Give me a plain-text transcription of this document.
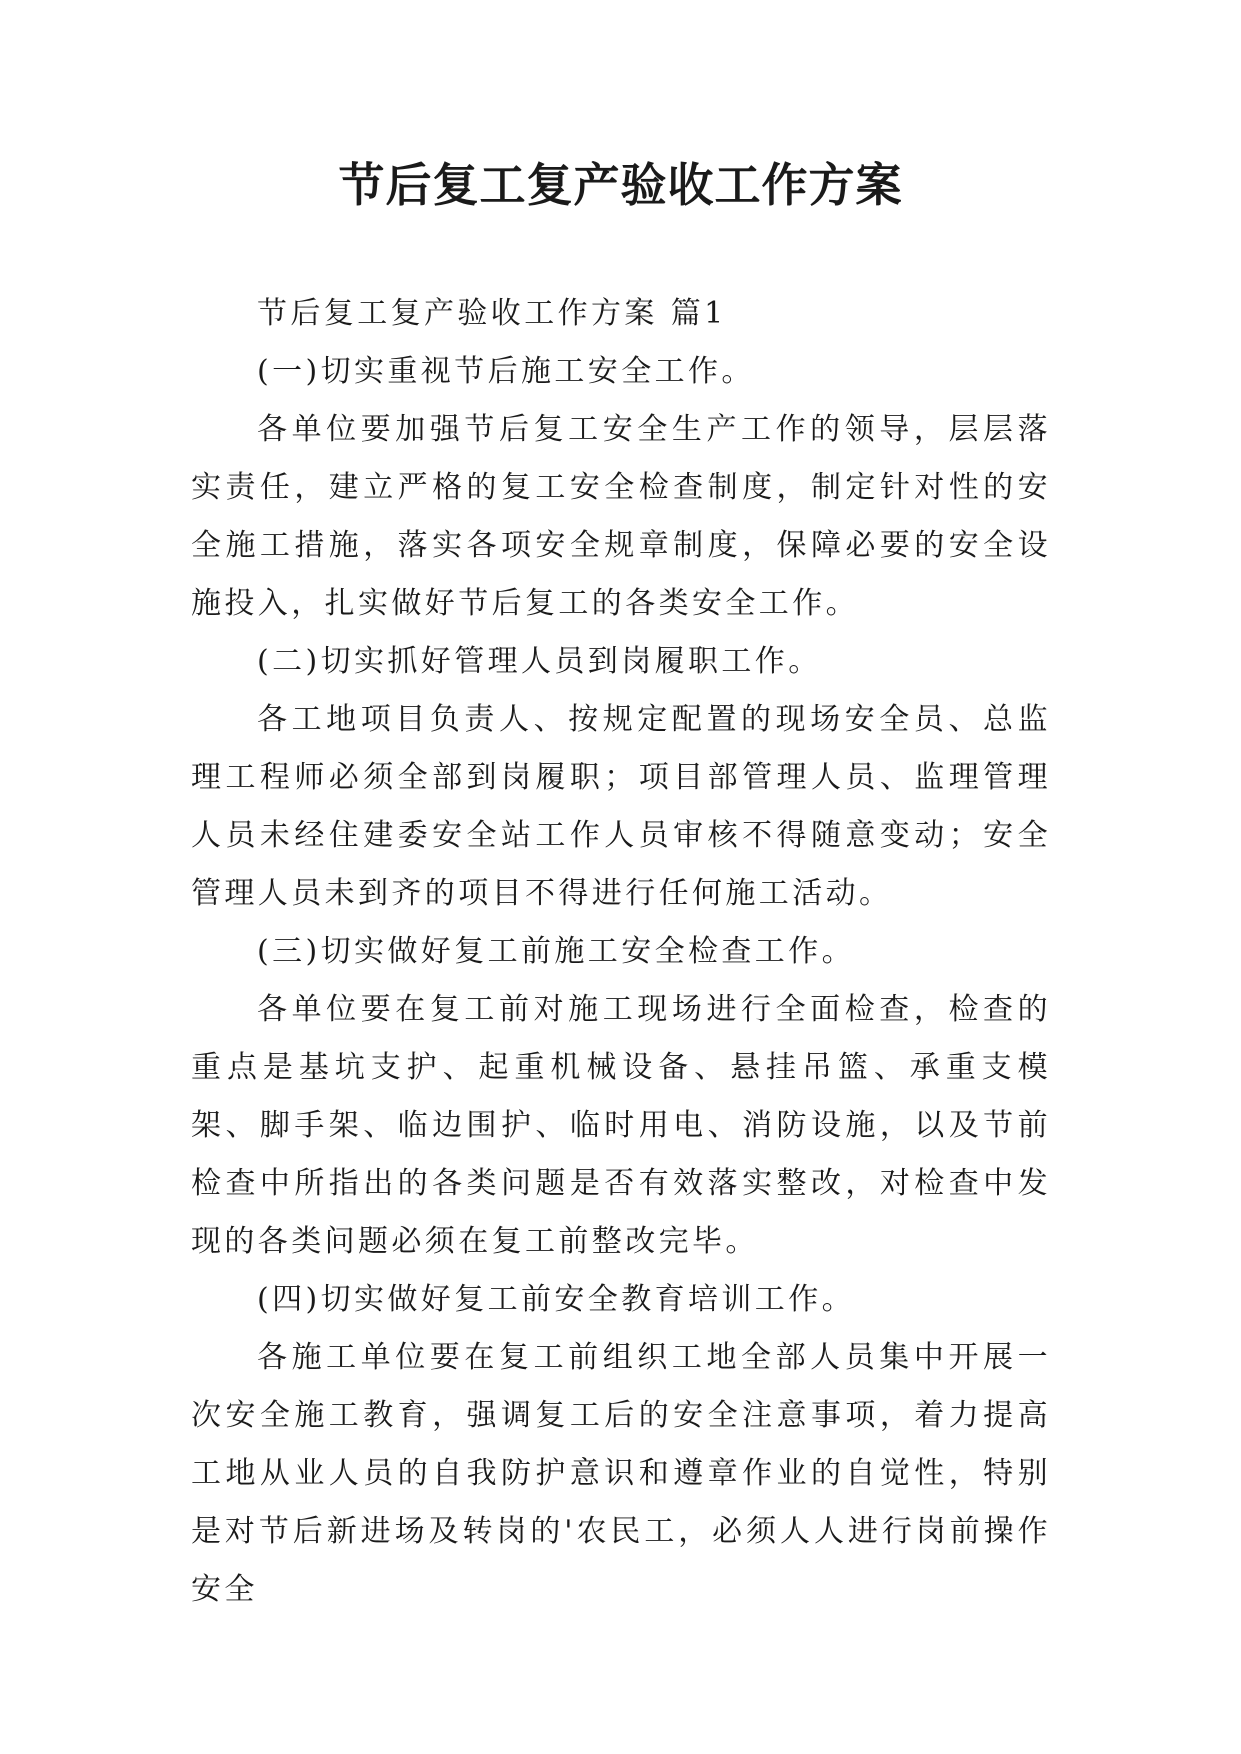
节后复工复产验收工作方案

节后复工复产验收工作方案 篇1

(一)切实重视节后施工安全工作。

各单位要加强节后复工安全生产工作的领导，层层落实责任，建立严格的复工安全检查制度，制定针对性的安全施工措施，落实各项安全规章制度，保障必要的安全设施投入，扎实做好节后复工的各类安全工作。

(二)切实抓好管理人员到岗履职工作。

各工地项目负责人、按规定配置的现场安全员、总监理工程师必须全部到岗履职；项目部管理人员、监理管理人员未经住建委安全站工作人员审核不得随意变动；安全管理人员未到齐的项目不得进行任何施工活动。

(三)切实做好复工前施工安全检查工作。

各单位要在复工前对施工现场进行全面检查，检查的重点是基坑支护、起重机械设备、悬挂吊篮、承重支模架、脚手架、临边围护、临时用电、消防设施，以及节前检查中所指出的各类问题是否有效落实整改，对检查中发现的各类问题必须在复工前整改完毕。

(四)切实做好复工前安全教育培训工作。

各施工单位要在复工前组织工地全部人员集中开展一次安全施工教育，强调复工后的安全注意事项，着力提高工地从业人员的自我防护意识和遵章作业的自觉性，特别是对节后新进场及转岗的'农民工，必须人人进行岗前操作安全
